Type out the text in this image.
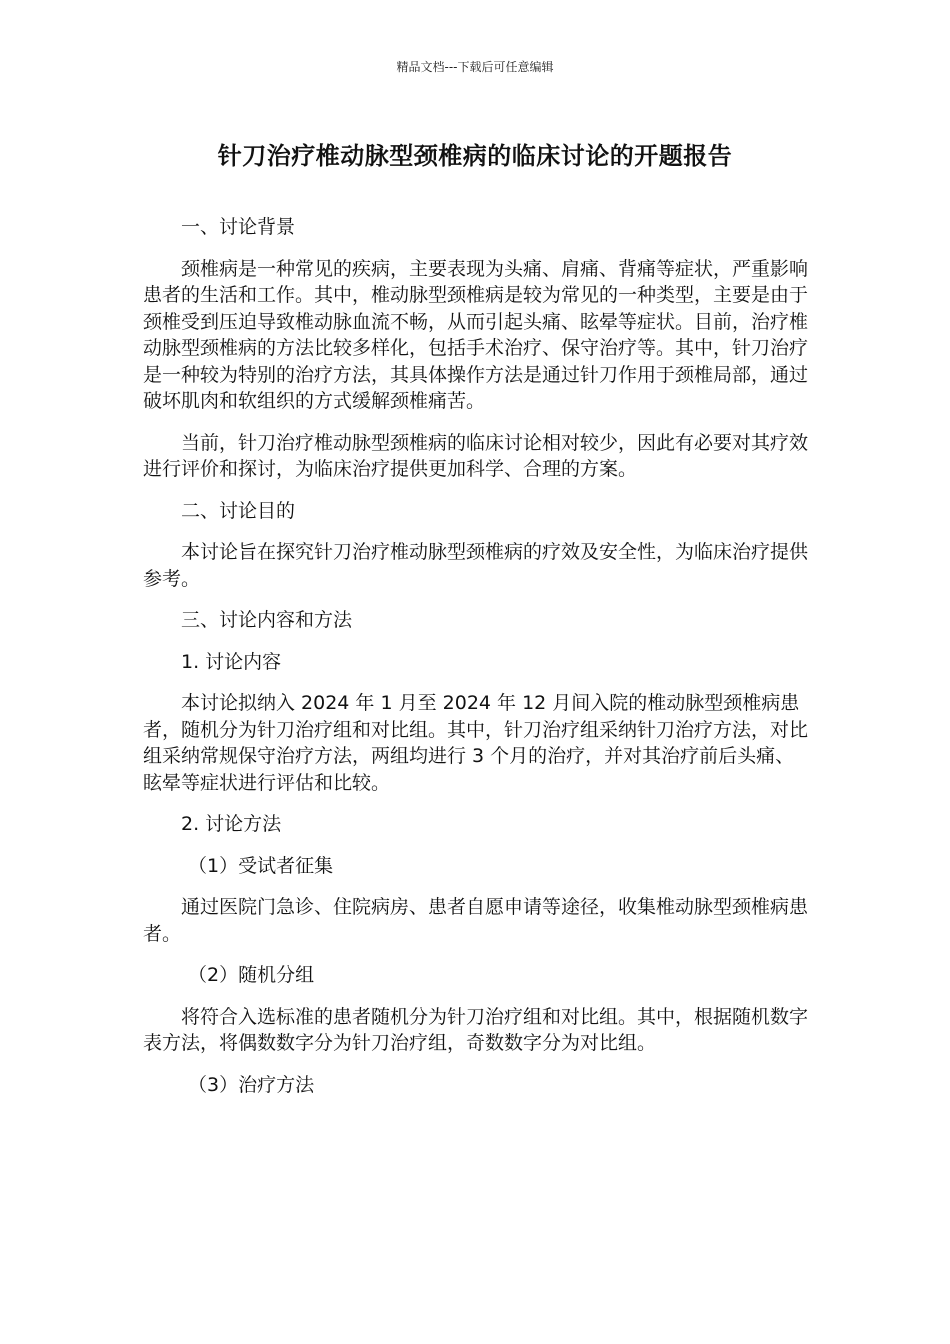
精品文档---下载后可任意编辑
针刀治疗椎动脉型颈椎病的临床讨论的开题报告

一、讨论背景

颈椎病是一种常见的疾病，主要表现为头痛、肩痛、背痛等症状，严重影响患者的生活和工作。其中，椎动脉型颈椎病是较为常见的一种类型，主要是由于颈椎受到压迫导致椎动脉血流不畅，从而引起头痛、眩晕等症状。目前，治疗椎动脉型颈椎病的方法比较多样化，包括手术治疗、保守治疗等。其中，针刀治疗是一种较为特别的治疗方法，其具体操作方法是通过针刀作用于颈椎局部，通过破坏肌肉和软组织的方式缓解颈椎痛苦。

当前，针刀治疗椎动脉型颈椎病的临床讨论相对较少，因此有必要对其疗效进行评价和探讨，为临床治疗提供更加科学、合理的方案。

二、讨论目的

本讨论旨在探究针刀治疗椎动脉型颈椎病的疗效及安全性，为临床治疗提供参考。

三、讨论内容和方法

1. 讨论内容

本讨论拟纳入 2024 年 1 月至 2024 年 12 月间入院的椎动脉型颈椎病患者，随机分为针刀治疗组和对比组。其中，针刀治疗组采纳针刀治疗方法，对比组采纳常规保守治疗方法，两组均进行 3 个月的治疗，并对其治疗前后头痛、眩晕等症状进行评估和比较。

2. 讨论方法

（1）受试者征集

通过医院门急诊、住院病房、患者自愿申请等途径，收集椎动脉型颈椎病患者。

（2）随机分组

将符合入选标准的患者随机分为针刀治疗组和对比组。其中，根据随机数字表方法，将偶数数字分为针刀治疗组，奇数数字分为对比组。

（3）治疗方法
